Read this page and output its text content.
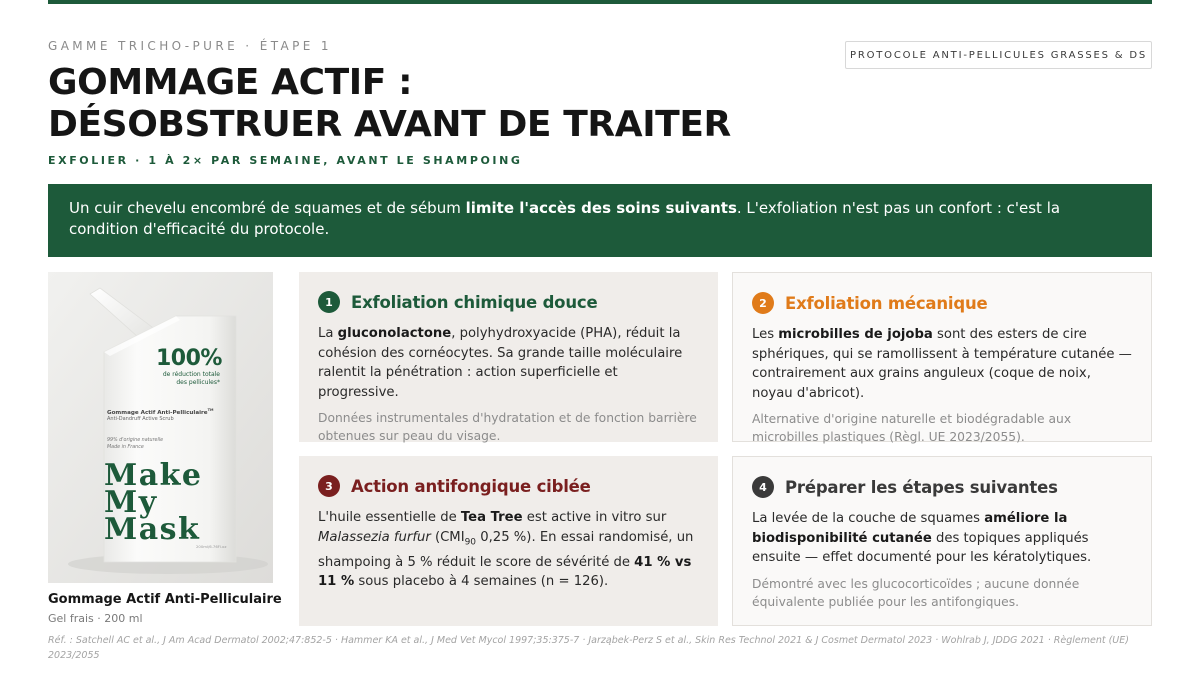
GAMME TRICHO-PURE · ÉTAPE 1
PROTOCOLE ANTI-PELLICULES GRASSES & DS
GOMMAGE ACTIF :
DÉSOBSTRUER AVANT DE TRAITER
EXFOLIER · 1 À 2× PAR SEMAINE, AVANT LE SHAMPOING
Un cuir chevelu encombré de squames et de sébum limite l'accès des soins suivants. L'exfoliation n'est pas un confort : c'est la condition d'efficacité du protocole.
100%
de réduction totale
des pellicules*
Gommage Actif Anti-Pelliculaire™
Anti-Dandruff Active Scrub
99% d'origine naturelle
Made in France
Make
My
Mask
200ml/6.76Fl.oz
Gommage Actif Anti-Pelliculaire
Gel frais · 200 ml
1	Exfoliation chimique douce
La gluconolactone, polyhydroxyacide (PHA), réduit la cohésion des cornéocytes. Sa grande taille moléculaire ralentit la pénétration : action superficielle et progressive.
Données instrumentales d'hydratation et de fonction barrière obtenues sur peau du visage.
2	Exfoliation mécanique
Les microbilles de jojoba sont des esters de cire sphériques, qui se ramollissent à température cutanée — contrairement aux grains anguleux (coque de noix, noyau d'abricot).
Alternative d'origine naturelle et biodégradable aux microbilles plastiques (Règl. UE 2023/2055).
3	Action antifongique ciblée
L'huile essentielle de Tea Tree est active in vitro sur Malassezia furfur ($CMI_{90}$ 0,25 %). En essai randomisé, un shampoing à 5 % réduit le score de sévérité de 41 % vs 11 % sous placebo à 4 semaines (n = 126).
4	Préparer les étapes suivantes
La levée de la couche de squames améliore la biodisponibilité cutanée des topiques appliqués ensuite — effet documenté pour les kératolytiques.
Démontré avec les glucocorticoïdes ; aucune donnée équivalente publiée pour les antifongiques.
Réf. : Satchell AC et al., J Am Acad Dermatol 2002;47:852-5 · Hammer KA et al., J Med Vet Mycol 1997;35:375-7 · Jarząbek-Perz S et al., Skin Res Technol 2021 & J Cosmet Dermatol 2023 · Wohlrab J, JDDG 2021 · Règlement (UE) 2023/2055
